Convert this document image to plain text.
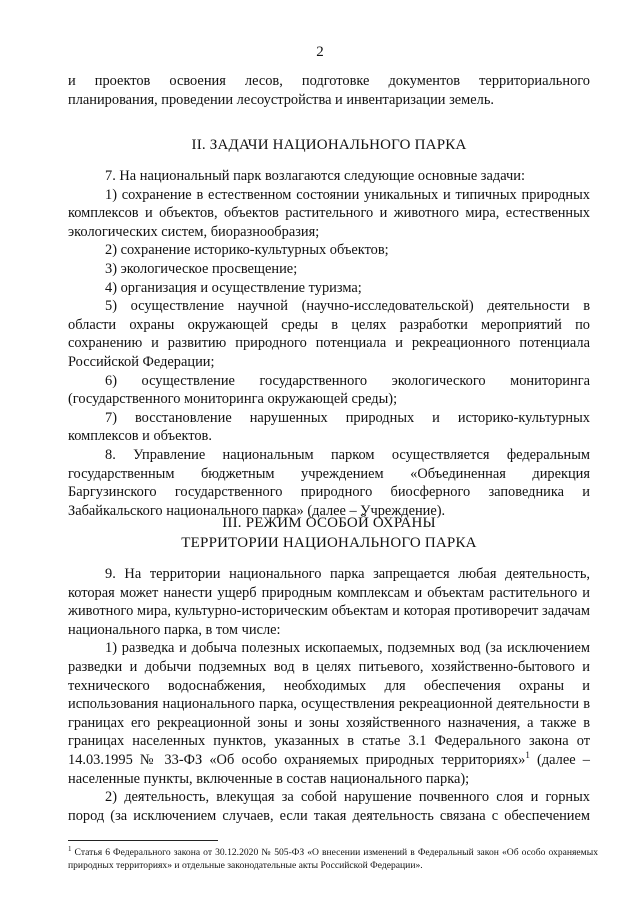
2

и проектов освоения лесов, подготовке документов территориального планирования, проведении лесоустройства и инвентаризации земель.

II. ЗАДАЧИ НАЦИОНАЛЬНОГО ПАРКА

7. На национальный парк возлагаются следующие основные задачи:

1) сохранение в естественном состоянии уникальных и типичных природных комплексов и объектов, объектов растительного и животного мира, естественных экологических систем, биоразнообразия;

2) сохранение историко-культурных объектов;

3) экологическое просвещение;

4) организация и осуществление туризма;

5) осуществление научной (научно-исследовательской) деятельности в области охраны окружающей среды в целях разработки мероприятий по сохранению и развитию природного потенциала и рекреационного потенциала Российской Федерации;

6) осуществление государственного экологического мониторинга (государственного мониторинга окружающей среды);

7) восстановление нарушенных природных и историко-культурных комплексов и объектов.

8. Управление национальным парком осуществляется федеральным государственным бюджетным учреждением «Объединенная дирекция Баргузинского государственного природного биосферного заповедника и Забайкальского национального парка» (далее – Учреждение).

III. РЕЖИМ ОСОБОЙ ОХРАНЫ

ТЕРРИТОРИИ НАЦИОНАЛЬНОГО ПАРКА

9. На территории национального парка запрещается любая деятельность, которая может нанести ущерб природным комплексам и объектам растительного и животного мира, культурно-историческим объектам и которая противоречит задачам национального парка, в том числе:

1) разведка и добыча полезных ископаемых, подземных вод (за исключением разведки и добычи подземных вод в целях питьевого, хозяйственно-бытового и технического водоснабжения, необходимых для обеспечения охраны и использования национального парка, осуществления рекреационной деятельности в границах его рекреационной зоны и зоны хозяйственного назначения, а также в границах населенных пунктов, указанных в статье 3.1 Федерального закона от 14.03.1995 № 33-ФЗ «Об особо охраняемых природных территориях»$^1$ (далее – населенные пункты, включенные в состав национального парка);

2) деятельность, влекущая за собой нарушение почвенного слоя и горных пород (за исключением случаев, если такая деятельность связана с обеспечением

$^1$ Статья 6 Федерального закона от 30.12.2020 № 505-ФЗ «О внесении изменений в Федеральный закон «Об особо охраняемых природных территориях» и отдельные законодательные акты Российской Федерации».
